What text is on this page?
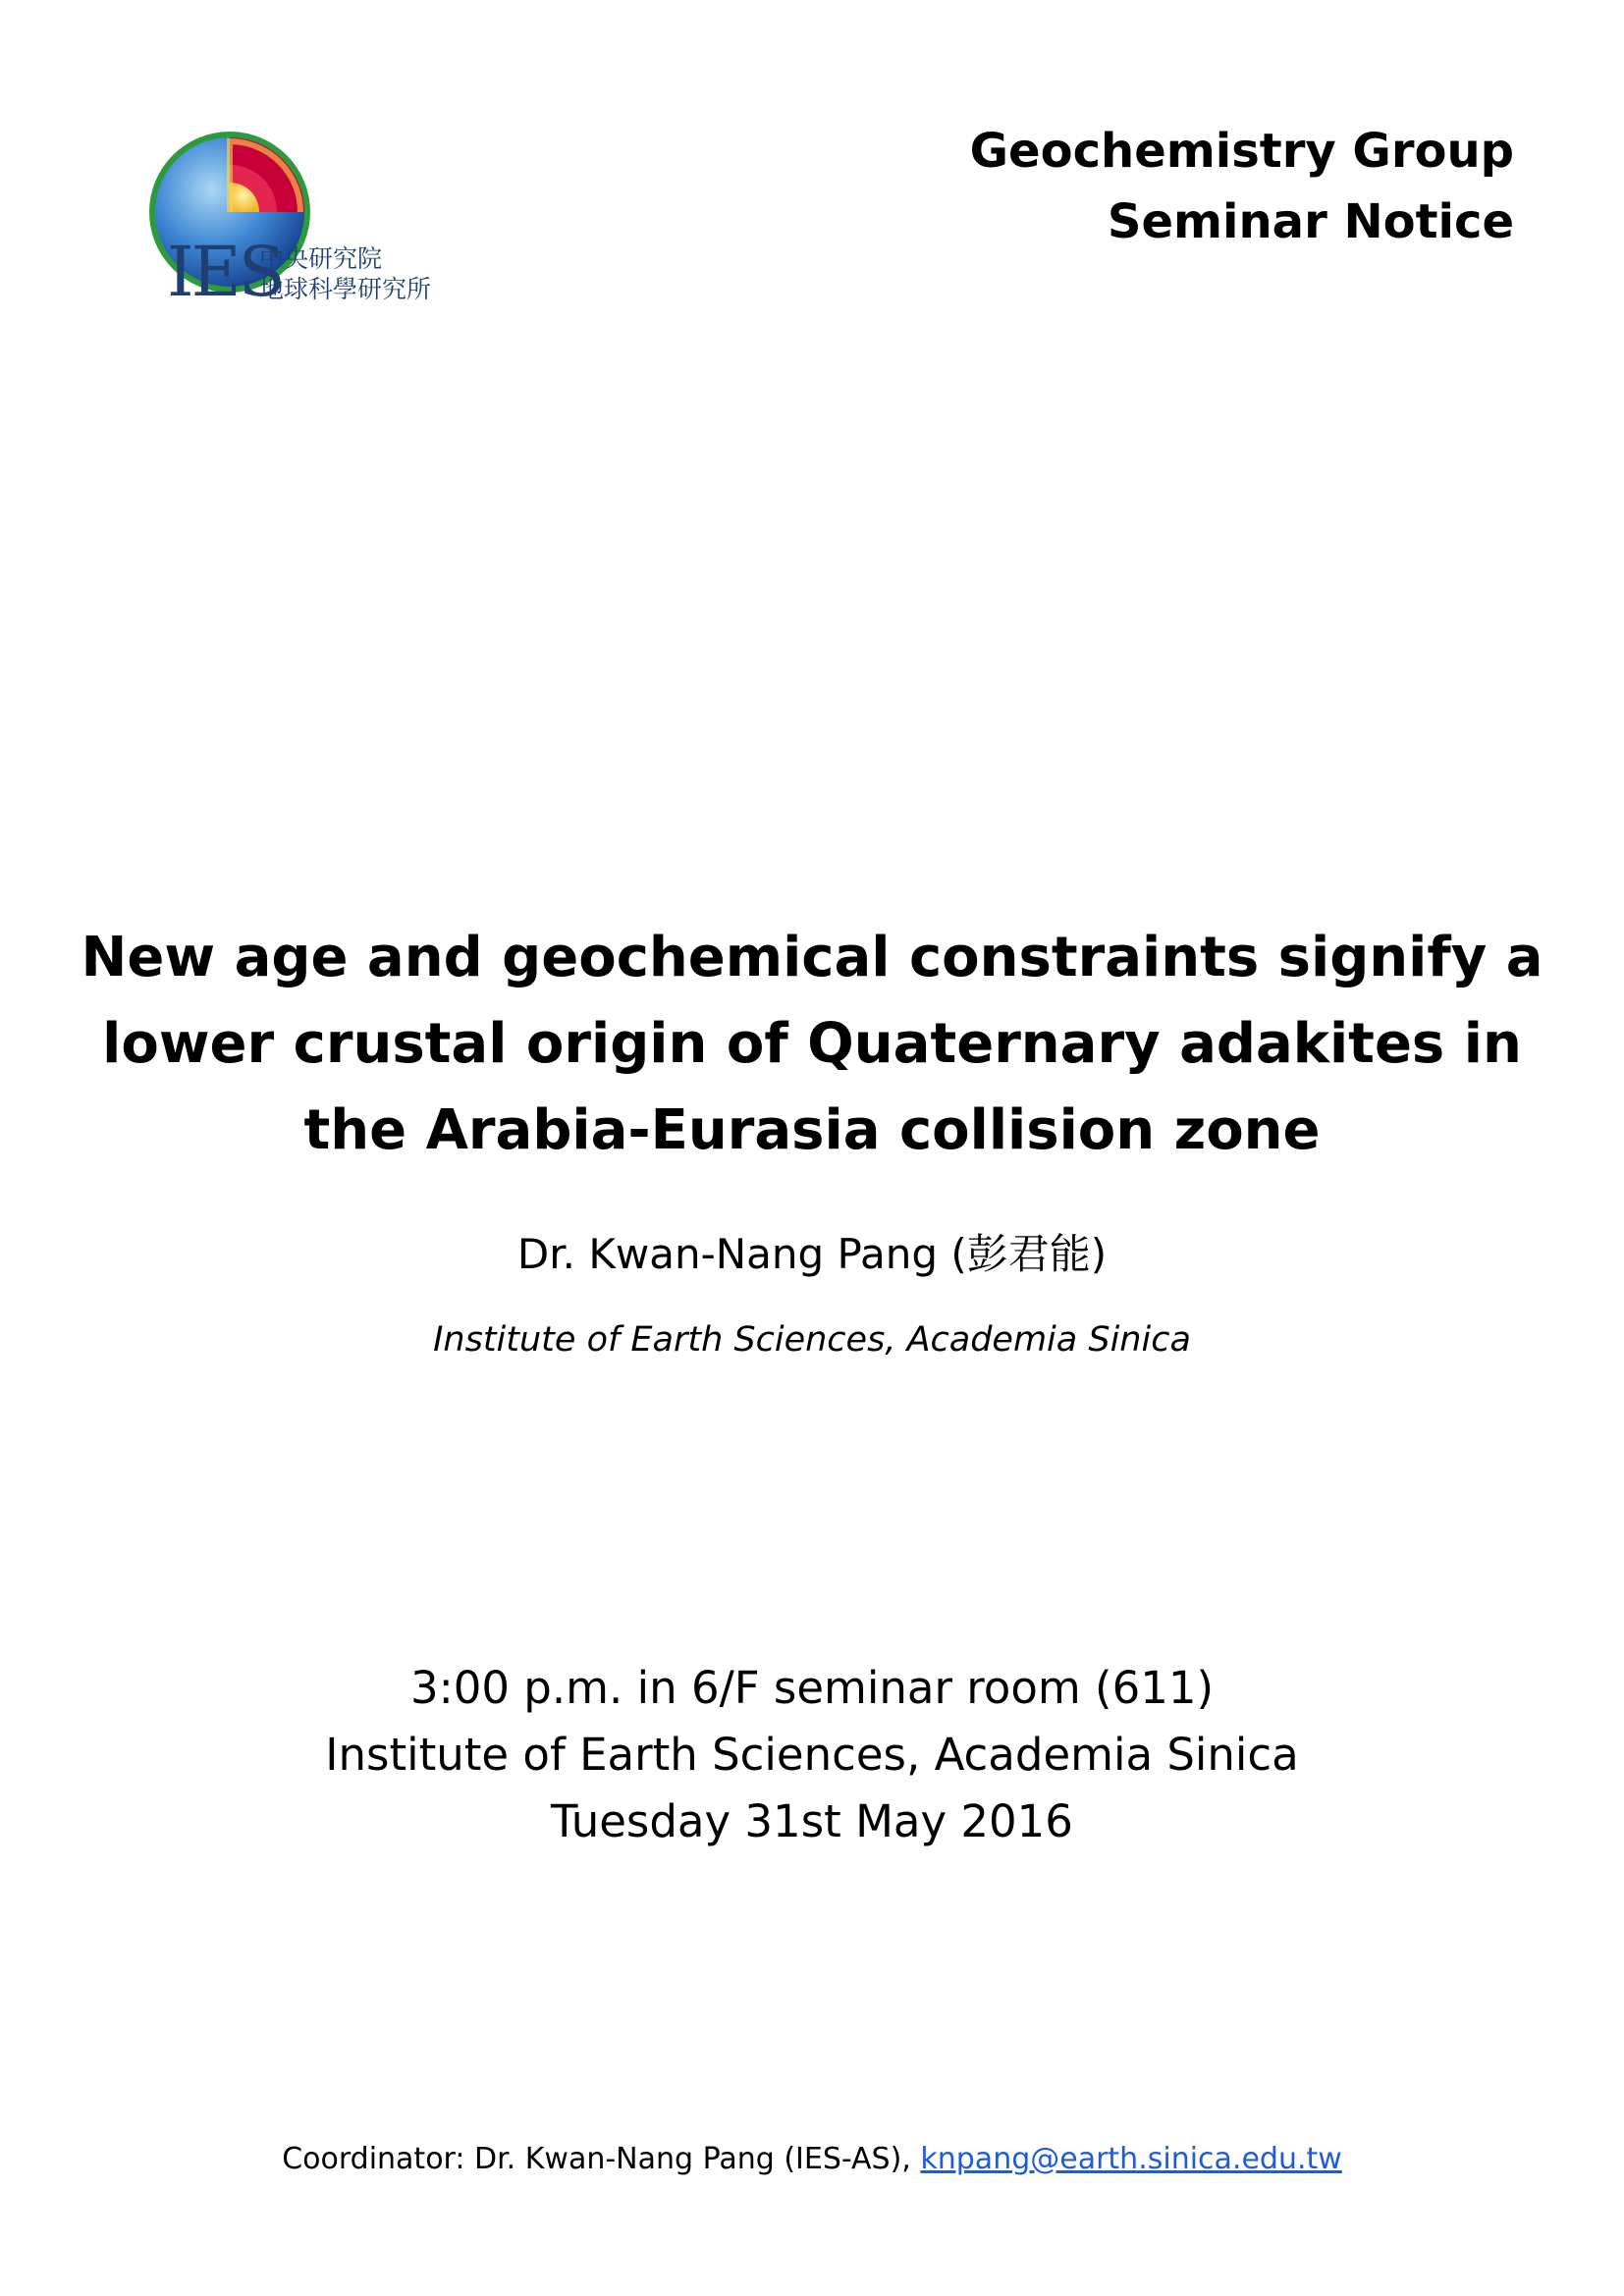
IES
中央研究院
地球科學研究所
Geochemistry Group
Seminar Notice
New age and geochemical constraints signify a
lower crustal origin of Quaternary adakites in
the Arabia-Eurasia collision zone
Dr. Kwan-Nang Pang (彭君能)
Institute of Earth Sciences, Academia Sinica
3:00 p.m. in 6/F seminar room (611)
Institute of Earth Sciences, Academia Sinica
Tuesday 31st May 2016
Coordinator: Dr. Kwan-Nang Pang (IES-AS), knpang@earth.sinica.edu.tw
